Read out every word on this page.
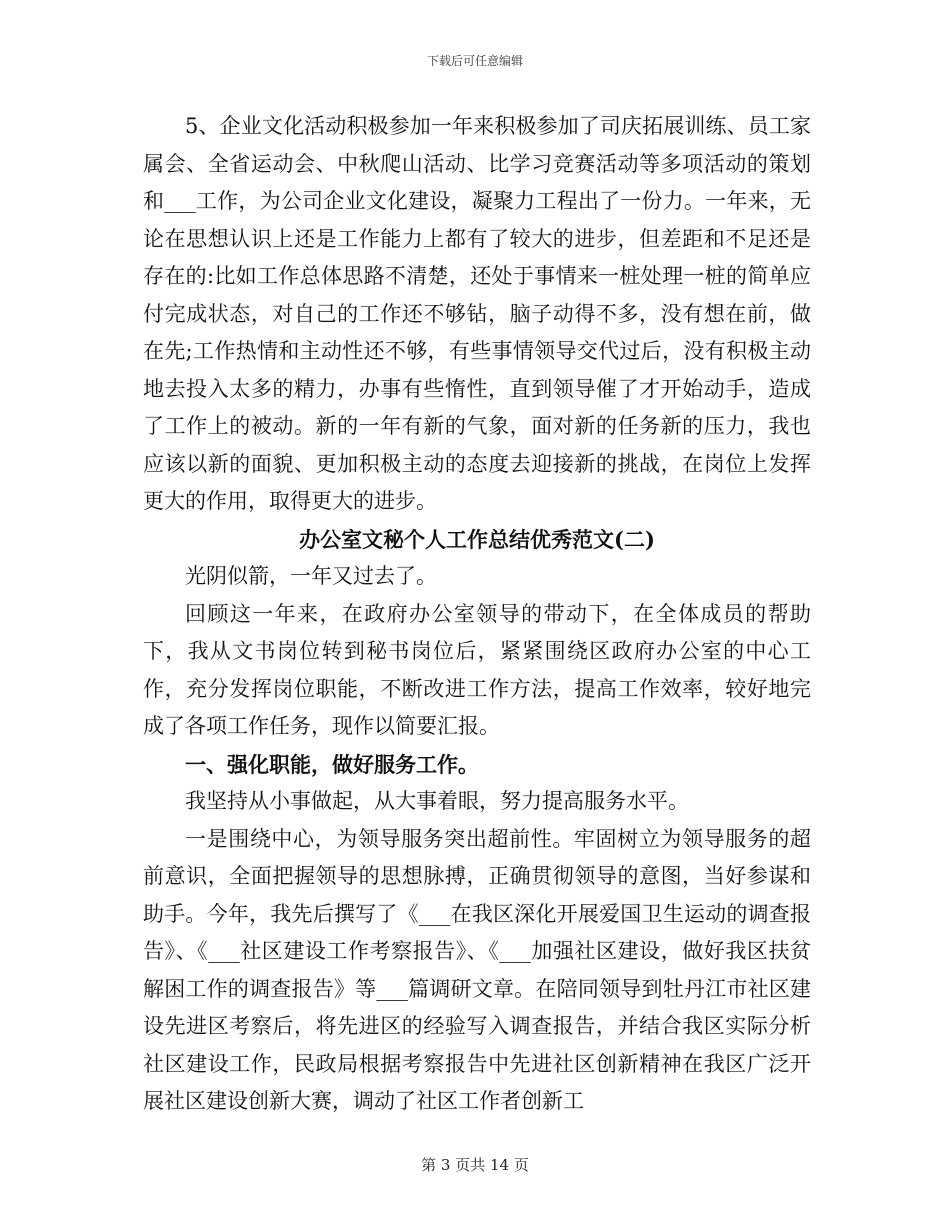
下载后可任意编辑

5、企业文化活动积极参加一年来积极参加了司庆拓展训练、员工家属会、全省运动会、中秋爬山活动、比学习竞赛活动等多项活动的策划和___工作，为公司企业文化建设，凝聚力工程出了一份力。一年来，无论在思想认识上还是工作能力上都有了较大的进步，但差距和不足还是存在的:比如工作总体思路不清楚，还处于事情来一桩处理一桩的简单应付完成状态，对自己的工作还不够钻，脑子动得不多，没有想在前，做在先;工作热情和主动性还不够，有些事情领导交代过后，没有积极主动地去投入太多的精力，办事有些惰性，直到领导催了才开始动手，造成了工作上的被动。新的一年有新的气象，面对新的任务新的压力，我也应该以新的面貌、更加积极主动的态度去迎接新的挑战，在岗位上发挥更大的作用，取得更大的进步。

办公室文秘个人工作总结优秀范文(二)

光阴似箭，一年又过去了。

回顾这一年来，在政府办公室领导的带动下，在全体成员的帮助下，我从文书岗位转到秘书岗位后，紧紧围绕区政府办公室的中心工作，充分发挥岗位职能，不断改进工作方法，提高工作效率，较好地完成了各项工作任务，现作以简要汇报。

一、强化职能，做好服务工作。

我坚持从小事做起，从大事着眼，努力提高服务水平。

一是围绕中心，为领导服务突出超前性。牢固树立为领导服务的超前意识，全面把握领导的思想脉搏，正确贯彻领导的意图，当好参谋和助手。今年，我先后撰写了《___在我区深化开展爱国卫生运动的调查报告》、《___社区建设工作考察报告》、《___加强社区建设，做好我区扶贫解困工作的调查报告》等___篇调研文章。在陪同领导到牡丹江市社区建设先进区考察后，将先进区的经验写入调查报告，并结合我区实际分析社区建设工作，民政局根据考察报告中先进社区创新精神在我区广泛开展社区建设创新大赛，调动了社区工作者创新工

第 3 页共 14 页
